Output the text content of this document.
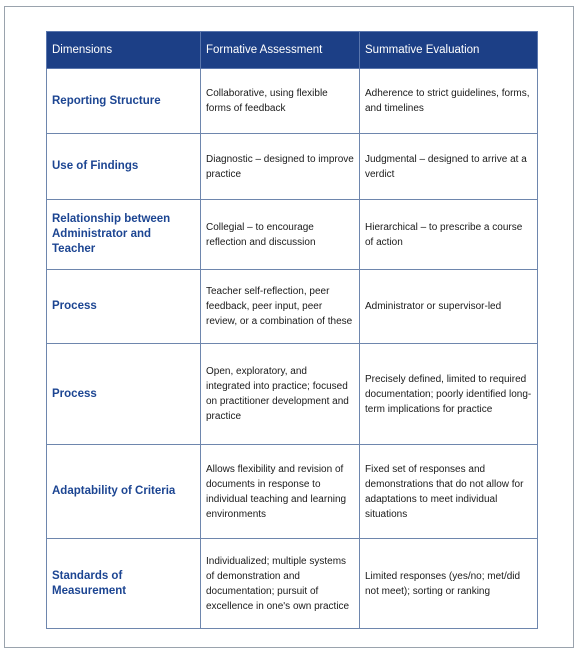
Dimensions	Formative Assessment	Summative Evaluation
Reporting Structure	Collaborative, using flexible forms of feedback	Adherence to strict guidelines, forms, and timelines
Use of Findings	Diagnostic – designed to improve practice	Judgmental – designed to arrive at a verdict
Relationship between Administrator and Teacher	Collegial – to encourage reflection and discussion	Hierarchical – to prescribe a course of action
Process	Teacher self-reflection, peer feedback, peer input, peer review, or a combination of these	Administrator or supervisor-led
Process	Open, exploratory, and integrated into practice; focused on practitioner development and practice	Precisely defined, limited to required documentation; poorly identified long-term implications for practice
Adaptability of Criteria	Allows flexibility and revision of documents in response to individual teaching and learning environments	Fixed set of responses and demonstrations that do not allow for adaptations to meet individual situations
Standards of Measurement	Individualized; multiple systems of demonstration and documentation; pursuit of excellence in one's own practice	Limited responses (yes/no; met/did not meet); sorting or ranking
